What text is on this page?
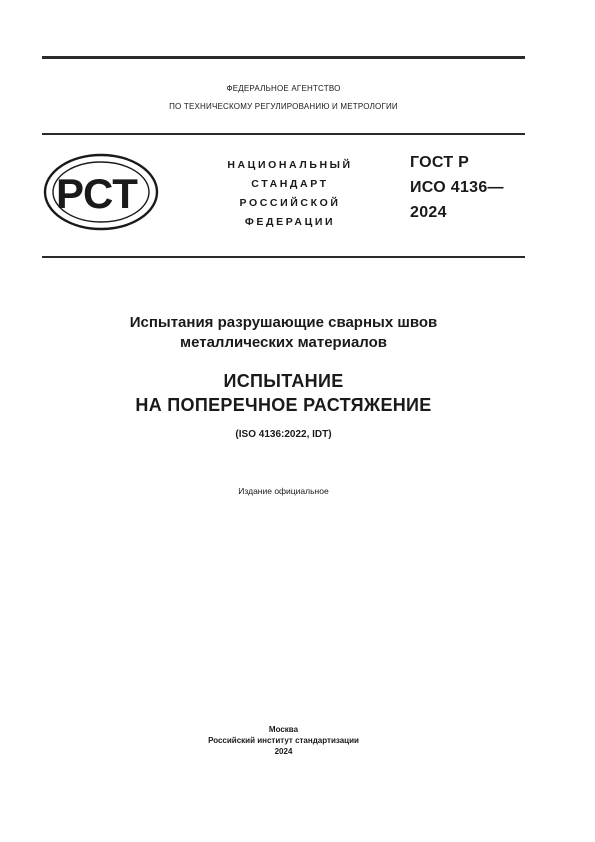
ФЕДЕРАЛЬНОЕ АГЕНТСТВО
ПО ТЕХНИЧЕСКОМУ РЕГУЛИРОВАНИЮ И МЕТРОЛОГИИ
РСТ
НАЦИОНАЛЬНЫЙ
СТАНДАРТ
РОССИЙСКОЙ
ФЕДЕРАЦИИ
ГОСТ Р
ИСО 4136—
2024
Испытания разрушающие сварных швов
металлических материалов
ИСПЫТАНИЕ
НА ПОПЕРЕЧНОЕ РАСТЯЖЕНИЕ
(ISO 4136:2022, IDT)
Издание официальное
Москва
Российский институт стандартизации
2024
